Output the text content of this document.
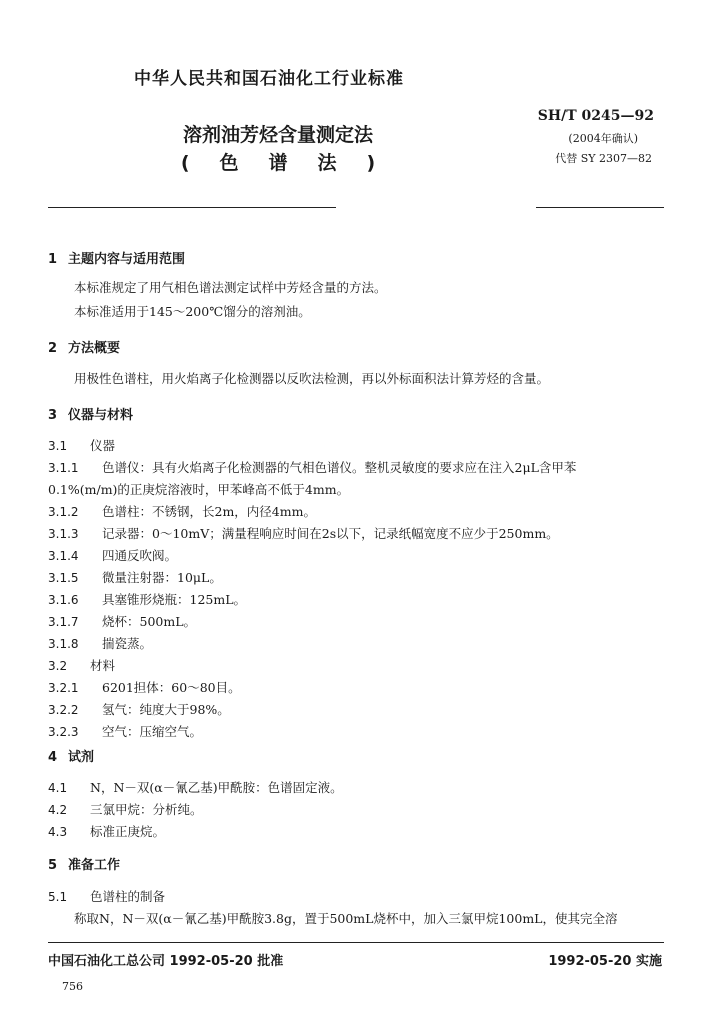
中华人民共和国石油化工行业标准
溶剂油芳烃含量测定法
(色谱法)
SH/T 0245—92
(2004年确认)
代替 SY 2307—82
1 主题内容与适用范围
本标准规定了用气相色谱法测定试样中芳烃含量的方法。
本标准适用于145～200℃馏分的溶剂油。
2 方法概要
用极性色谱柱，用火焰离子化检测器以反吹法检测，再以外标面积法计算芳烃的含量。
3 仪器与材料
3.1 仪器
3.1.1 色谱仪：具有火焰离子化检测器的气相色谱仪。整机灵敏度的要求应在注入2μL含甲苯
0.1%(m/m)的正庚烷溶液时，甲苯峰高不低于4mm。
3.1.2 色谱柱：不锈钢，长2m，内径4mm。
3.1.3 记录器：0～10mV；满量程响应时间在2s以下，记录纸幅宽度不应少于250mm。
3.1.4 四通反吹阀。
3.1.5 微量注射器：10μL。
3.1.6 具塞锥形烧瓶：125mL。
3.1.7 烧杯：500mL。
3.1.8 揣瓷蒸。
3.2 材料
3.2.1 6201担体：60～80目。
3.2.2 氢气：纯度大于98%。
3.2.3 空气：压缩空气。
4 试剂
4.1 N，N－双(α－氰乙基)甲酰胺：色谱固定液。
4.2 三氯甲烷：分析纯。
4.3 标准正庚烷。
5 准备工作
5.1 色谱柱的制备
称取N，N－双(α－氰乙基)甲酰胺3.8g，置于500mL烧杯中，加入三氯甲烷100mL，使其完全溶
中国石油化工总公司 1992-05-20 批准	1992-05-20 实施
756
